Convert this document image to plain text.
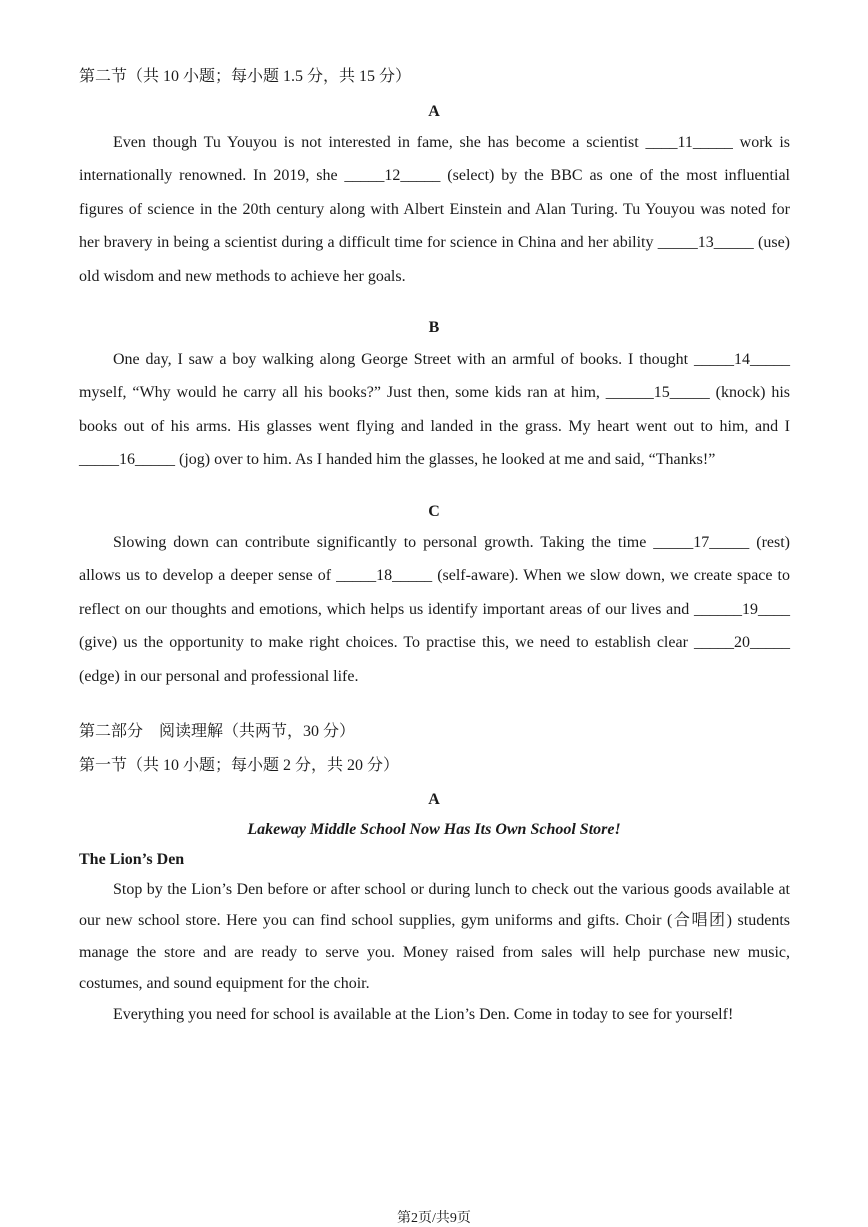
第二节（共 10 小题；每小题 1.5 分，共 15 分）
A
Even though Tu Youyou is not interested in fame, she has become a scientist ____11_____ work is internationally renowned. In 2019, she _____12_____ (select) by the BBC as one of the most influential figures of science in the 20th century along with Albert Einstein and Alan Turing. Tu Youyou was noted for her bravery in being a scientist during a difficult time for science in China and her ability _____13_____ (use) old wisdom and new methods to achieve her goals.
B
One day, I saw a boy walking along George Street with an armful of books. I thought _____14_____ myself, “Why would he carry all his books?” Just then, some kids ran at him, ______15_____ (knock) his books out of his arms. His glasses went flying and landed in the grass. My heart went out to him, and I _____16_____ (jog) over to him. As I handed him the glasses, he looked at me and said, “Thanks!”
C
Slowing down can contribute significantly to personal growth. Taking the time _____17_____ (rest) allows us to develop a deeper sense of _____18_____ (self-aware). When we slow down, we create space to reflect on our thoughts and emotions, which helps us identify important areas of our lives and ______19____ (give) us the opportunity to make right choices. To practise this, we need to establish clear _____20_____ (edge) in our personal and professional life.
第二部分　阅读理解（共两节，30 分）
第一节（共 10 小题；每小题 2 分，共 20 分）
A
Lakeway Middle School Now Has Its Own School Store!
The Lion’s Den
Stop by the Lion’s Den before or after school or during lunch to check out the various goods available at our new school store. Here you can find school supplies, gym uniforms and gifts. Choir (合唱团) students manage the store and are ready to serve you. Money raised from sales will help purchase new music, costumes, and sound equipment for the choir.
Everything you need for school is available at the Lion’s Den. Come in today to see for yourself!
第2页/共9页
